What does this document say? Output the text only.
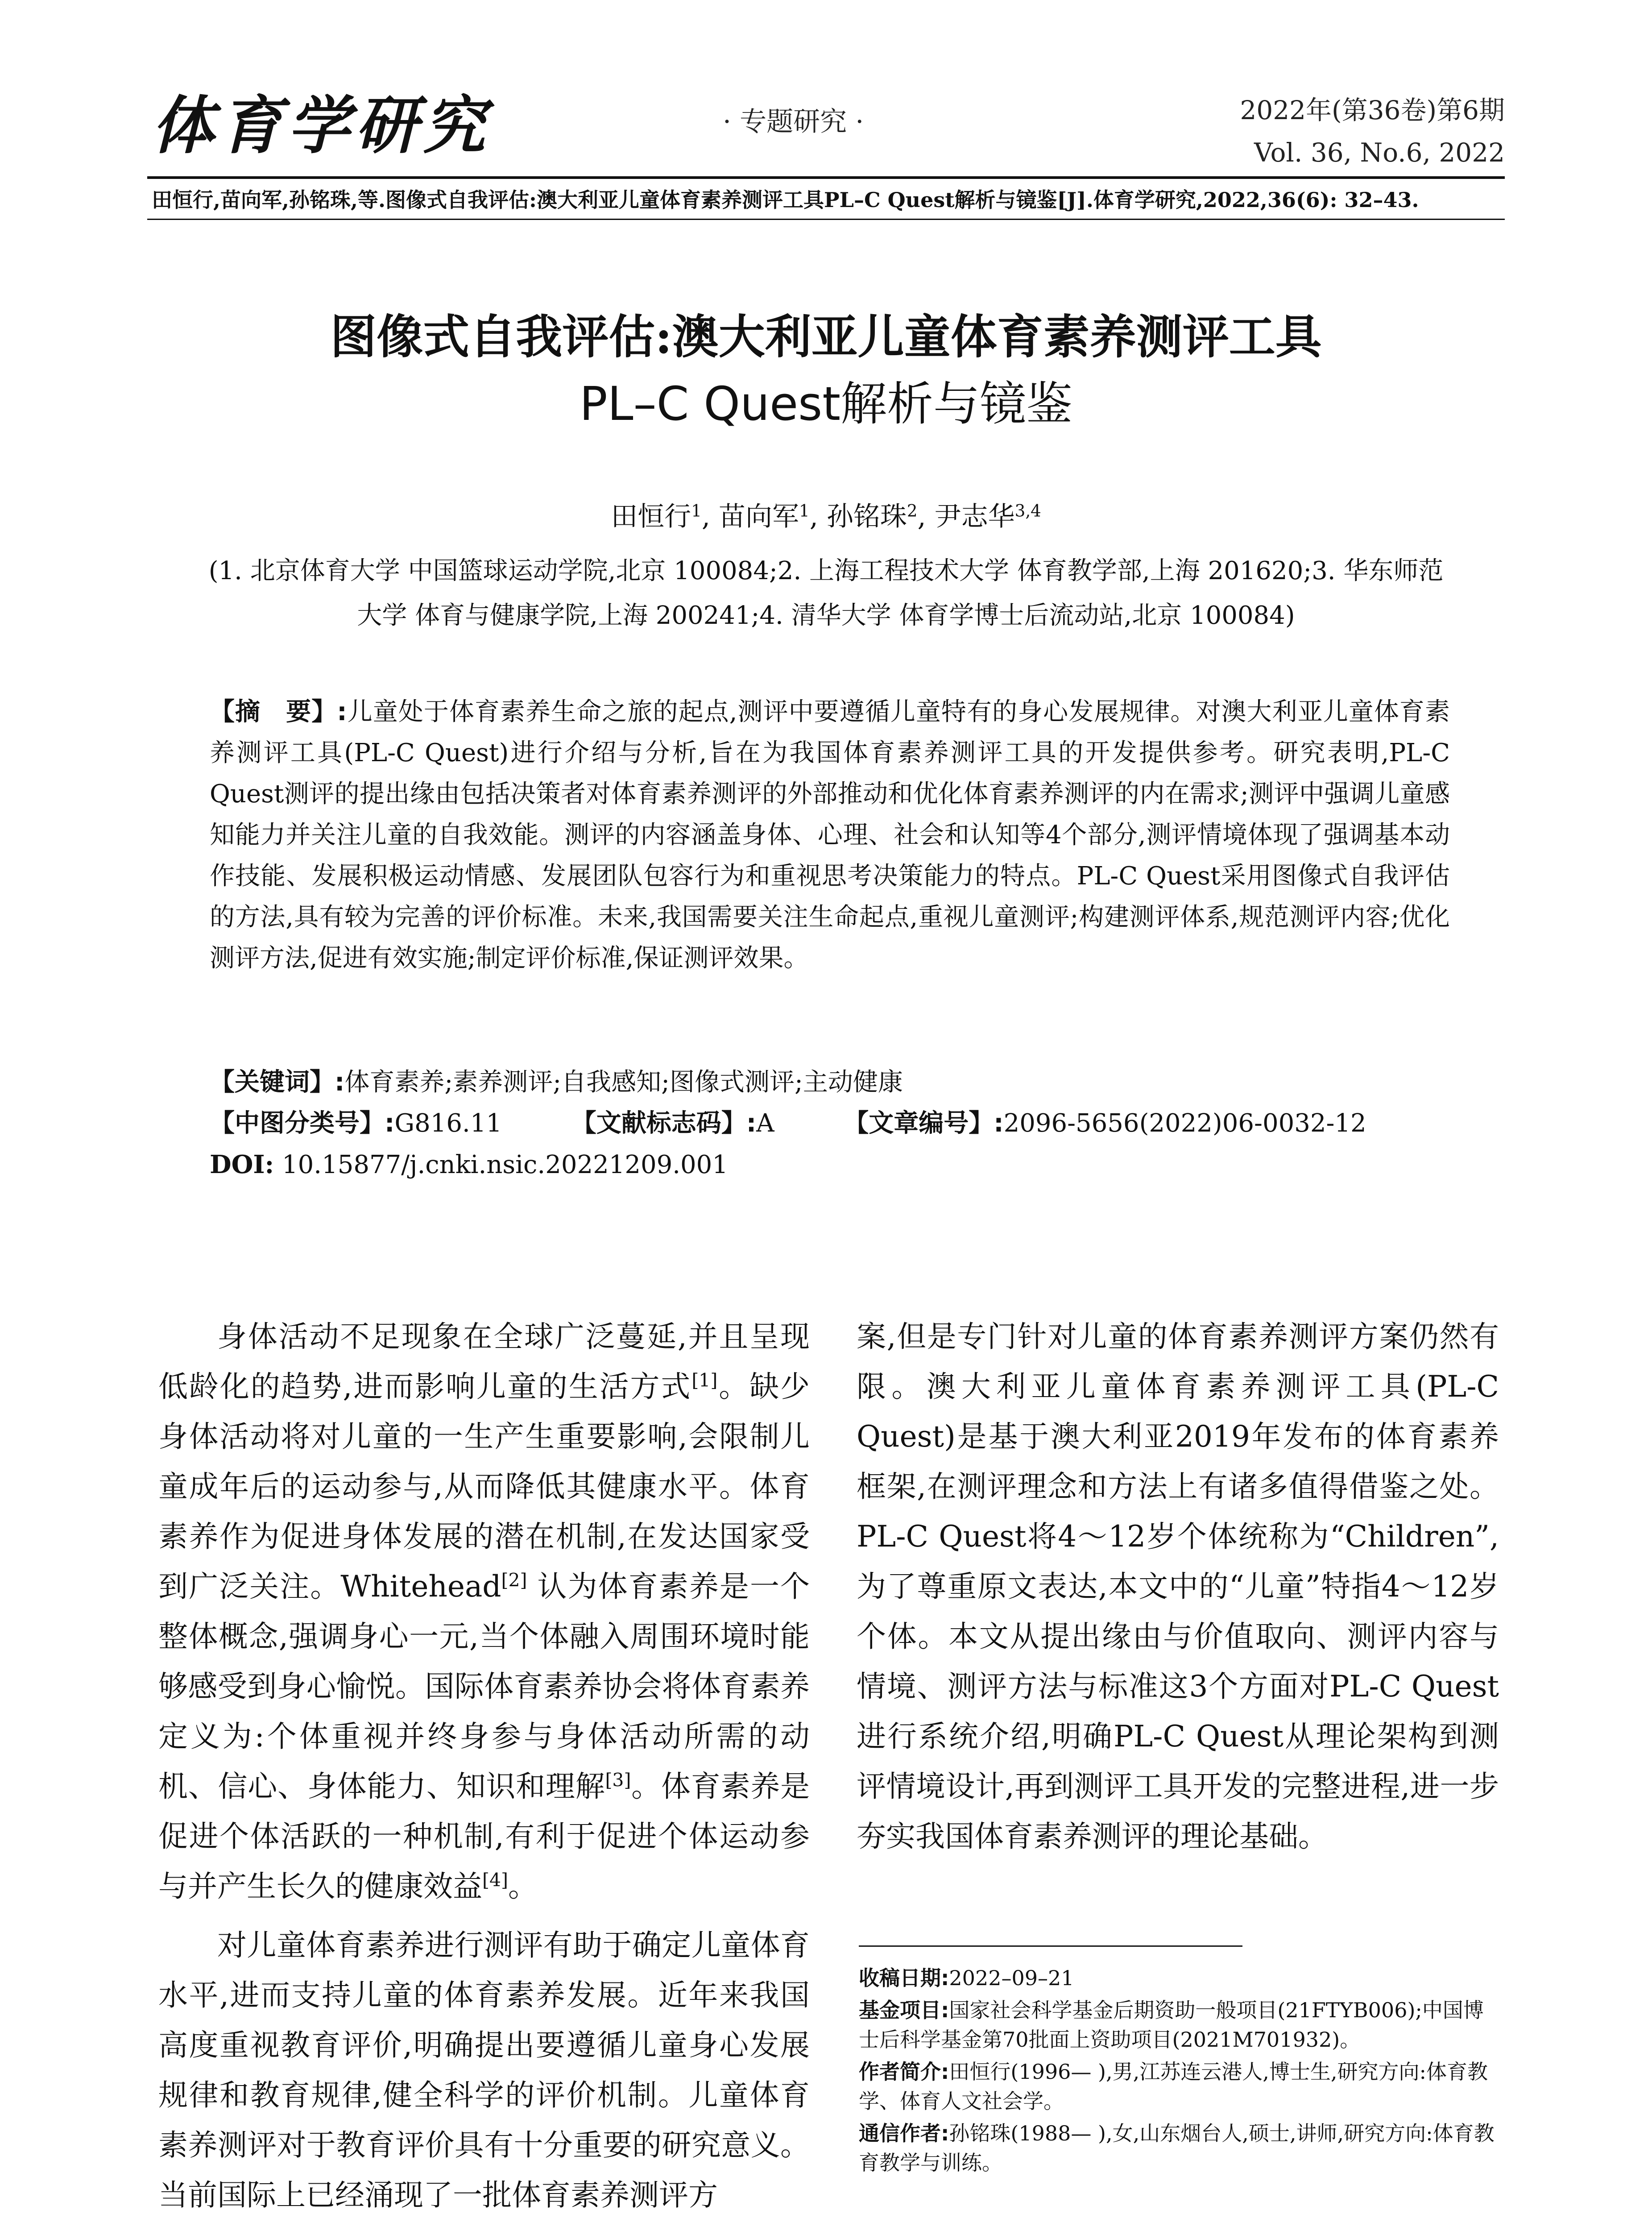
体育学研究	· 专题研究 ·	2022年(第36卷)第6期
Vol. 36, No.6, 2022
田恒行,苗向军,孙铭珠,等.图像式自我评估:澳大利亚儿童体育素养测评工具PL–C Quest解析与镜鉴[J].体育学研究,2022,36(6): 32–43.
图像式自我评估:澳大利亚儿童体育素养测评工具
PL–C Quest解析与镜鉴
田恒行$^1$, 苗向军$^1$, 孙铭珠$^2$, 尹志华$^{3,4}$
(1. 北京体育大学 中国篮球运动学院,北京 100084;2. 上海工程技术大学 体育教学部,上海 201620;3. 华东师范
大学 体育与健康学院,上海 200241;4. 清华大学 体育学博士后流动站,北京 100084)
【摘　要】:儿童处于体育素养生命之旅的起点,测评中要遵循儿童特有的身心发展规律。对澳大利亚儿童体育素养测评工具(PL-C Quest)进行介绍与分析,旨在为我国体育素养测评工具的开发提供参考。研究表明,PL-C Quest测评的提出缘由包括决策者对体育素养测评的外部推动和优化体育素养测评的内在需求;测评中强调儿童感知能力并关注儿童的自我效能。测评的内容涵盖身体、心理、社会和认知等4个部分,测评情境体现了强调基本动作技能、发展积极运动情感、发展团队包容行为和重视思考决策能力的特点。PL-C Quest采用图像式自我评估的方法,具有较为完善的评价标准。未来,我国需要关注生命起点,重视儿童测评;构建测评体系,规范测评内容;优化测评方法,促进有效实施;制定评价标准,保证测评效果。
【关键词】:体育素养;素养测评;自我感知;图像式测评;主动健康
【中图分类号】:G816.11	【文献标志码】:A	【文章编号】:2096-5656(2022)06-0032-12
DOI: 10.15877/j.cnki.nsic.20221209.001

身体活动不足现象在全球广泛蔓延,并且呈现低龄化的趋势,进而影响儿童的生活方式[1]。缺少身体活动将对儿童的一生产生重要影响,会限制儿童成年后的运动参与,从而降低其健康水平。体育素养作为促进身体发展的潜在机制,在发达国家受到广泛关注。Whitehead[2] 认为体育素养是一个整体概念,强调身心一元,当个体融入周围环境时能够感受到身心愉悦。国际体育素养协会将体育素养定义为:个体重视并终身参与身体活动所需的动机、信心、身体能力、知识和理解[3]。体育素养是促进个体活跃的一种机制,有利于促进个体运动参与并产生长久的健康效益[4]。

对儿童体育素养进行测评有助于确定儿童体育水平,进而支持儿童的体育素养发展。近年来我国高度重视教育评价,明确提出要遵循儿童身心发展规律和教育规律,健全科学的评价机制。儿童体育素养测评对于教育评价具有十分重要的研究意义。当前国际上已经涌现了一批体育素养测评方

案,但是专门针对儿童的体育素养测评方案仍然有限。澳大利亚儿童体育素养测评工具(PL-C Quest)是基于澳大利亚2019年发布的体育素养框架,在测评理念和方法上有诸多值得借鉴之处。PL-C Quest将4～12岁个体统称为“Children”,为了尊重原文表达,本文中的“儿童”特指4～12岁个体。本文从提出缘由与价值取向、测评内容与情境、测评方法与标准这3个方面对PL-C Quest进行系统介绍,明确PL-C Quest从理论架构到测评情境设计,再到测评工具开发的完整进程,进一步夯实我国体育素养测评的理论基础。

收稿日期:2022–09–21
基金项目:国家社会科学基金后期资助一般项目(21FTYB006);中国博士后科学基金第70批面上资助项目(2021M701932)。
作者简介:田恒行(1996— ),男,江苏连云港人,博士生,研究方向:体育教学、体育人文社会学。
通信作者:孙铭珠(1988— ),女,山东烟台人,硕士,讲师,研究方向:体育教育教学与训练。
